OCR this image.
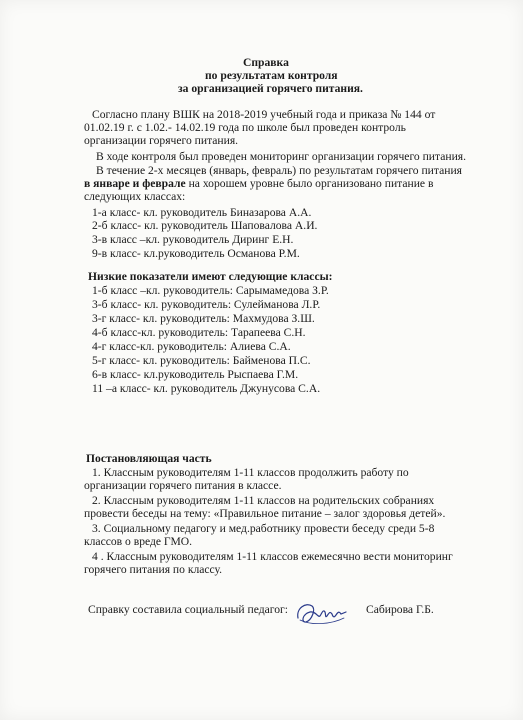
Справка
по результатам контроля
за организацией горячего питания.
Согласно плану ВШК на 2018-2019 учебный года и приказа № 144 от
01.02.19 г. с 1.02.- 14.02.19 года по школе был проведен контроль
организации горячего питания.
В ходе контроля был проведен мониторинг организации горячего питания.
В течение 2-х месяцев (январь, февраль) по результатам горячего питания
в январе и феврале на хорошем уровне было организовано питание в
следующих классах:
1-а класс- кл. руководитель Биназарова А.А.
2-б класс- кл. руководитель Шаповалова А.И.
3-в класс –кл. руководитель Диринг Е.Н.
9-в класс- кл.руководитель Османова Р.М.
Низкие показатели имеют следующие классы:
1-б класс –кл. руководитель: Сарымамедова З.Р.
3-б класс- кл. руководитель: Сулейманова Л.Р.
3-г класс- кл. руководитель: Махмудова З.Ш.
4-б класс-кл. руководитель: Тарапеева С.Н.
4-г класс-кл. руководитель: Алиева С.А.
5-г класс- кл. руководитель: Байменова П.С.
6-в класс- кл.руководитель Рыспаева Г.М.
11 –а класс- кл. руководитель Джунусова С.А.
Постановляющая часть
1. Классным руководителям 1-11 классов продолжить работу по
организации горячего питания в классе.
2. Классным руководителям 1-11 классов на родительских собраниях
провести беседы на тему: «Правильное питание – залог здоровья детей».
3. Социальному педагогу и мед.работнику провести беседу среди 5-8
классов о вреде ГМО.
4 . Классным руководителям 1-11 классов ежемесячно вести мониторинг
горячего питания по классу.
Справку составила социальный педагог:	Сабирова Г.Б.
